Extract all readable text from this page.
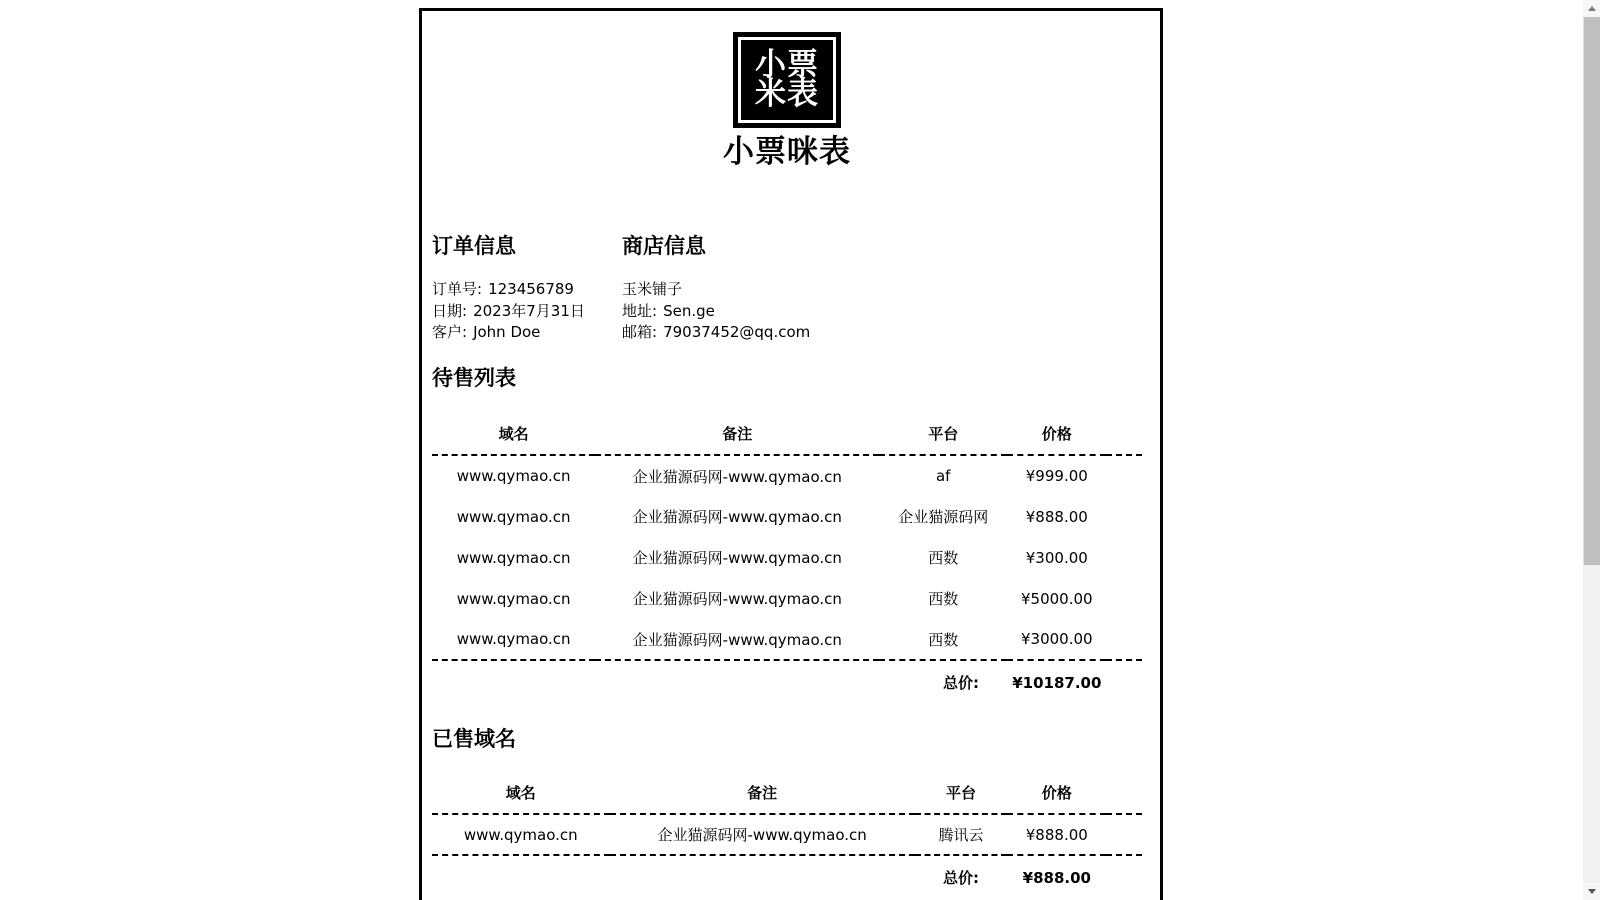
小票
米表
小票咪表
订单信息
订单号: 123456789
日期: 2023年7月31日
客户: John Doe
商店信息
玉米铺子
地址: Sen.ge
邮箱: 79037452@qq.com
待售列表
域名	备注	平台	价格	
www.qymao.cn	企业猫源码网-www.qymao.cn	af	¥999.00	
www.qymao.cn	企业猫源码网-www.qymao.cn	企业猫源码网	¥888.00	
www.qymao.cn	企业猫源码网-www.qymao.cn	西数	¥300.00	
www.qymao.cn	企业猫源码网-www.qymao.cn	西数	¥5000.00	
www.qymao.cn	企业猫源码网-www.qymao.cn	西数	¥3000.00	
总价:	¥10187.00
已售域名
域名	备注	平台	价格	
www.qymao.cn	企业猫源码网-www.qymao.cn	腾讯云	¥888.00	
总价:	¥888.00
